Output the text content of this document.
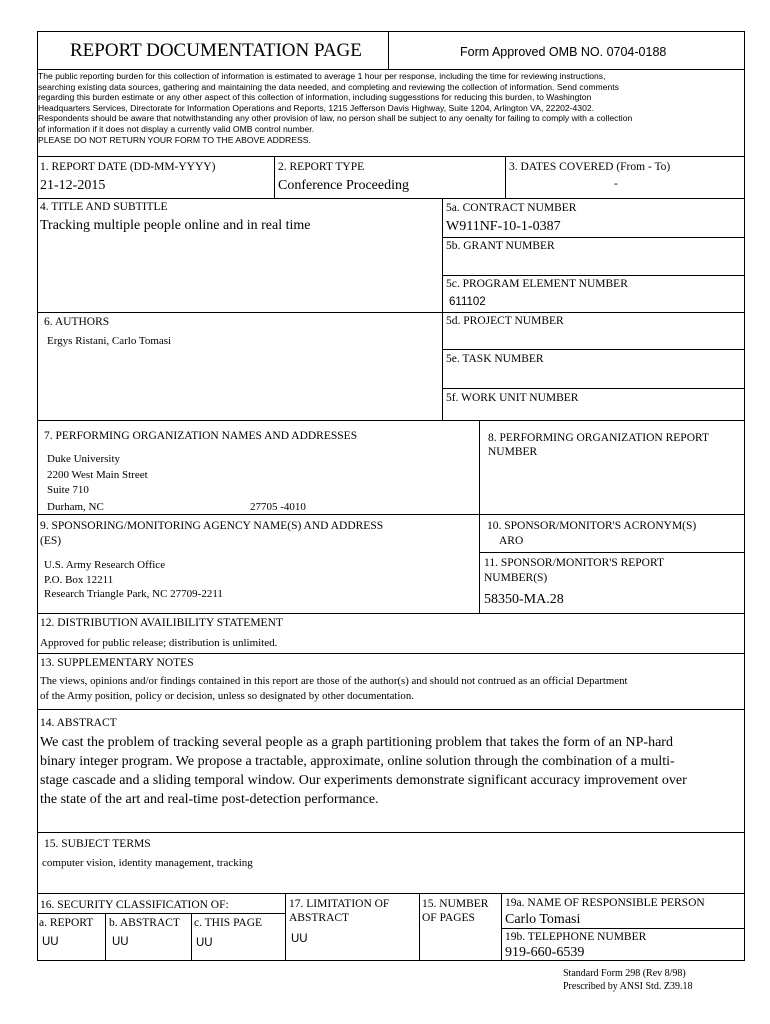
REPORT DOCUMENTATION PAGE	Form Approved OMB NO. 0704-0188
The public reporting burden for this collection of information is estimated to average 1 hour per response, including the time for reviewing instructions,
searching existing data sources, gathering and maintaining the data needed, and completing and reviewing the collection of information. Send comments
regarding this burden estimate or any other aspect of this collection of information, including suggesstions for reducing this burden, to Washington
Headquarters Services, Directorate for Information Operations and Reports, 1215 Jefferson Davis Highway, Suite 1204, Arlington VA, 22202-4302.
Respondents should be aware that notwithstanding any other provision of law, no person shall be subject to any oenalty for failing to comply with a collection
of information if it does not display a currently valid OMB control number.
PLEASE DO NOT RETURN YOUR FORM TO THE ABOVE ADDRESS.
1. REPORT DATE (DD-MM-YYYY)
21-12-2015
2. REPORT TYPE
Conference Proceeding
3. DATES COVERED (From - To)
-
4. TITLE AND SUBTITLE
Tracking multiple people online and in real time
5a. CONTRACT NUMBER
W911NF-10-1-0387
5b. GRANT NUMBER
5c. PROGRAM ELEMENT NUMBER
611102
6. AUTHORS
Ergys Ristani, Carlo Tomasi
5d. PROJECT NUMBER
5e. TASK NUMBER
5f. WORK UNIT NUMBER
7. PERFORMING ORGANIZATION NAMES AND ADDRESSES
Duke University
2200 West Main Street
Suite 710
Durham, NC	27705 -4010
8. PERFORMING ORGANIZATION REPORT
NUMBER
9. SPONSORING/MONITORING AGENCY NAME(S) AND ADDRESS
(ES)
U.S. Army Research Office
P.O. Box 12211
Research Triangle Park, NC 27709-2211
10. SPONSOR/MONITOR'S ACRONYM(S)
ARO
11. SPONSOR/MONITOR'S REPORT
NUMBER(S)
58350-MA.28
12. DISTRIBUTION AVAILIBILITY STATEMENT
Approved for public release; distribution is unlimited.
13. SUPPLEMENTARY NOTES
The views, opinions and/or findings contained in this report are those of the author(s) and should not contrued as an official Department
of the Army position, policy or decision, unless so designated by other documentation.
14. ABSTRACT
We cast the problem of tracking several people as a graph partitioning problem that takes the form of an NP-hard
binary integer program. We propose a tractable, approximate, online solution through the combination of a multi-
stage cascade and a sliding temporal window. Our experiments demonstrate significant accuracy improvement over
the state of the art and real-time post-detection performance.
15. SUBJECT TERMS
computer vision, identity management, tracking
16. SECURITY CLASSIFICATION OF:
a. REPORT b. ABSTRACT c. THIS PAGE
UU	UU	UU
17. LIMITATION OF
ABSTRACT
UU
15. NUMBER
OF PAGES
19a. NAME OF RESPONSIBLE PERSON
Carlo Tomasi
19b. TELEPHONE NUMBER
919-660-6539
Standard Form 298 (Rev 8/98)
Prescribed by ANSI Std. Z39.18
